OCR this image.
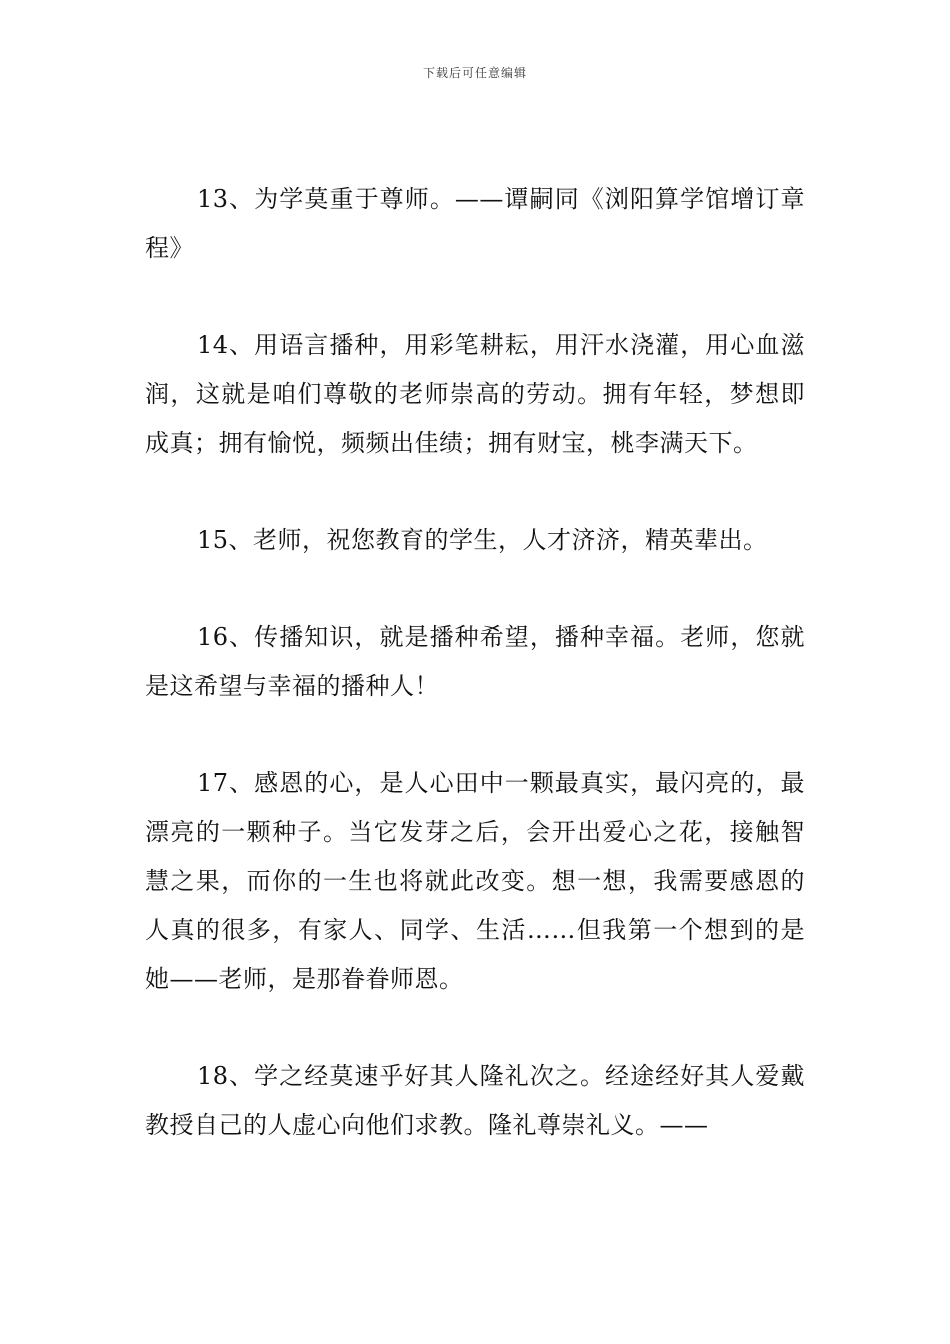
下载后可任意编辑

13、为学莫重于尊师。——谭嗣同《浏阳算学馆增订章程》

14、用语言播种，用彩笔耕耘，用汗水浇灌，用心血滋润，这就是咱们尊敬的老师崇高的劳动。拥有年轻，梦想即成真；拥有愉悦，频频出佳绩；拥有财宝，桃李满天下。

15、老师，祝您教育的学生，人才济济，精英辈出。

16、传播知识，就是播种希望，播种幸福。老师，您就是这希望与幸福的播种人！

17、感恩的心，是人心田中一颗最真实，最闪亮的，最漂亮的一颗种子。当它发芽之后，会开出爱心之花，接触智慧之果，而你的一生也将就此改变。想一想，我需要感恩的人真的很多，有家人、同学、生活……但我第一个想到的是她——老师，是那眷眷师恩。

18、学之经莫速乎好其人隆礼次之。经途经好其人爱戴教授自己的人虚心向他们求教。隆礼尊崇礼义。——
